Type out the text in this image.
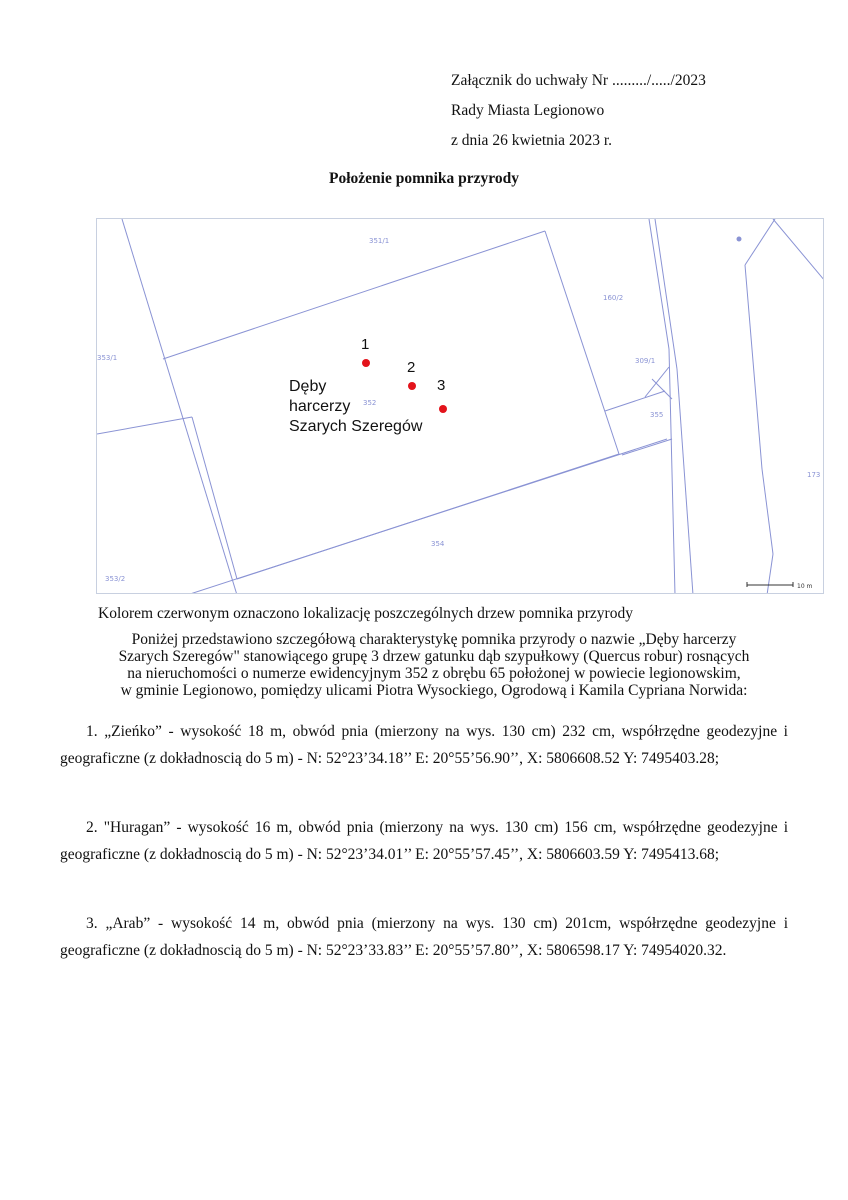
Załącznik do uchwały Nr ........./...../2023
Rady Miasta Legionowo
z dnia 26 kwietnia 2023 r.
Położenie pomnika przyrody
351/1
160/2
353/1	309/1
352
355
173
354
353/2
Dęby
harcerzy
Szarych Szeregów
1
2
3
10 m
Kolorem czerwonym oznaczono lokalizację poszczególnych drzew pomnika przyrody
Poniżej przedstawiono szczegółową charakterystykę pomnika przyrody o nazwie „Dęby harcerzy
Szarych Szeregów" stanowiącego grupę 3 drzew gatunku dąb szypułkowy (Quercus robur) rosnących
na nieruchomości o numerze ewidencyjnym 352 z obrębu 65 położonej w powiecie legionowskim,
w gminie Legionowo, pomiędzy ulicami Piotra Wysockiego, Ogrodową i Kamila Cypriana Norwida:

1. „Zieńko” - wysokość 18 m, obwód pnia (mierzony na wys. 130 cm) 232 cm, współrzędne geodezyjne i geograficzne (z dokładnoscią do 5 m) - N: 52°23’34.18’’ E: 20°55’56.90’’, X: 5806608.52 Y: 7495403.28;

2. "Huragan” - wysokość 16 m, obwód pnia (mierzony na wys. 130 cm) 156 cm, współrzędne geodezyjne i geograficzne (z dokładnoscią do 5 m) - N: 52°23’34.01’’ E: 20°55’57.45’’, X: 5806603.59 Y: 7495413.68;

3. „Arab” - wysokość 14 m, obwód pnia (mierzony na wys. 130 cm) 201cm, współrzędne geodezyjne i geograficzne (z dokładnoscią do 5 m) - N: 52°23’33.83’’ E: 20°55’57.80’’, X: 5806598.17 Y: 74954020.32.
